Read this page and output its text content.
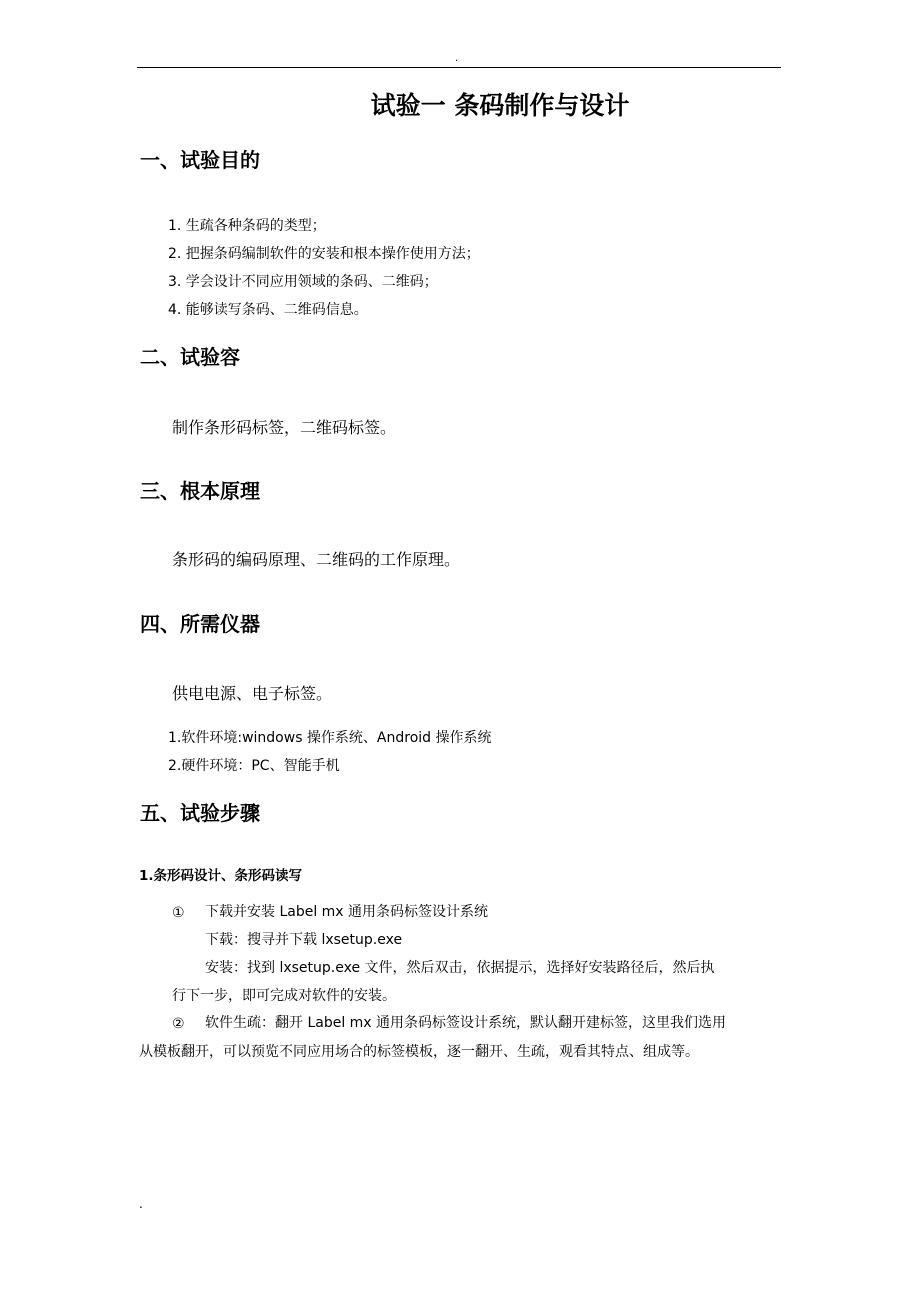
.
试验一 条码制作与设计
一、试验目的
1. 生疏各种条码的类型；
2. 把握条码编制软件的安装和根本操作使用方法；
3. 学会设计不同应用领域的条码、二维码；
4. 能够读写条码、二维码信息。
二、试验容
制作条形码标签，二维码标签。
三、根本原理
条形码的编码原理、二维码的工作原理。
四、所需仪器
供电电源、电子标签。
1.软件环境:windows 操作系统、Android 操作系统
2.硬件环境：PC、智能手机
五、试验步骤
1.条形码设计、条形码读写
① 下载并安装 Label mx 通用条码标签设计系统
下载：搜寻并下载 lxsetup.exe
安装：找到 lxsetup.exe 文件，然后双击，依据提示，选择好安装路径后，然后执
行下一步，即可完成对软件的安装。
② 软件生疏：翻开 Label mx 通用条码标签设计系统，默认翻开建标签，这里我们选用
从模板翻开，可以预览不同应用场合的标签模板，逐一翻开、生疏，观看其特点、组成等。
.
